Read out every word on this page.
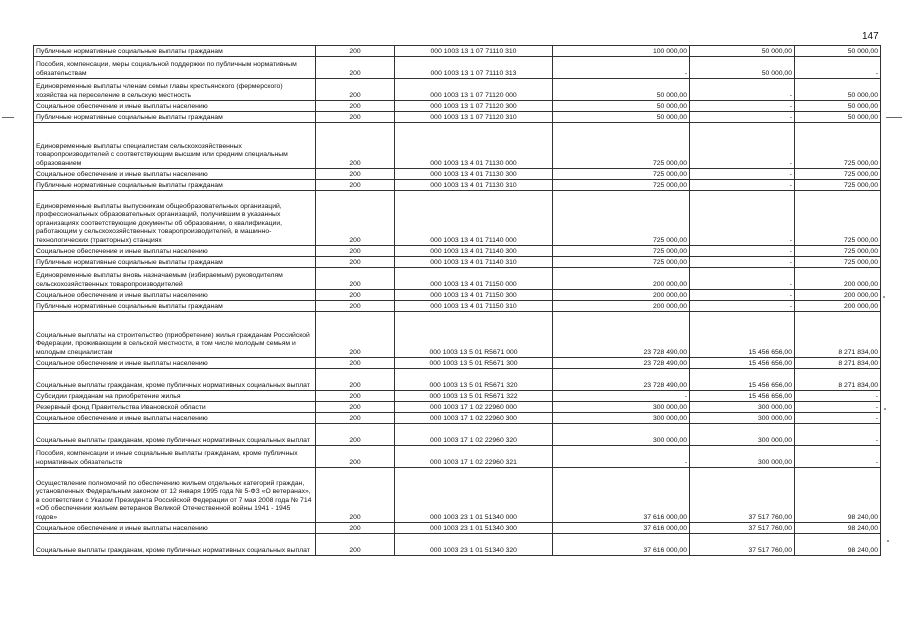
147
Публичные нормативные социальные выплаты гражданам	200	000 1003 13 1 07 71110 310	100 000,00	50 000,00	50 000,00
Пособия, компенсации, меры социальной поддержки по публичным нормативным обязательствам	200	000 1003 13 1 07 71110 313	-	50 000,00	-
Единовременные выплаты членам семьи главы крестьянского (фермерского) хозяйства на переселение в сельскую местность	200	000 1003 13 1 07 71120 000	50 000,00	-	50 000,00
Социальное обеспечение и иные выплаты населению	200	000 1003 13 1 07 71120 300	50 000,00	-	50 000,00
Публичные нормативные социальные выплаты гражданам	200	000 1003 13 1 07 71120 310	50 000,00	-	50 000,00
Единовременные выплаты специалистам сельскохозяйственных товаропроизводителей с соответствующим высшим или средним специальным образованием	200	000 1003 13 4 01 71130 000	725 000,00	-	725 000,00
Социальное обеспечение и иные выплаты населению	200	000 1003 13 4 01 71130 300	725 000,00	-	725 000,00
Публичные нормативные социальные выплаты гражданам	200	000 1003 13 4 01 71130 310	725 000,00	-	725 000,00
Единовременные выплаты выпускникам общеобразовательных организаций, профессиональных образовательных организаций, получившим в указанных организациях соответствующие документы об образовании, о квалификации, работающим у сельскохозяйственных товаропроизводителей, в машинно-технологических (тракторных) станциях	200	000 1003 13 4 01 71140 000	725 000,00	-	725 000,00
Социальное обеспечение и иные выплаты населению	200	000 1003 13 4 01 71140 300	725 000,00	-	725 000,00
Публичные нормативные социальные выплаты гражданам	200	000 1003 13 4 01 71140 310	725 000,00	-	725 000,00
Единовременные выплаты вновь назначаемым (избираемым) руководителям сельскохозяйственных товаропроизводителей	200	000 1003 13 4 01 71150 000	200 000,00	-	200 000,00
Социальное обеспечение и иные выплаты населению	200	000 1003 13 4 01 71150 300	200 000,00	-	200 000,00
Публичные нормативные социальные выплаты гражданам	200	000 1003 13 4 01 71150 310	200 000,00	-	200 000,00
Социальные выплаты на строительство (приобретение) жилья гражданам Российской Федерации, проживающим в сельской местности, в том числе молодым семьям и молодым специалистам	200	000 1003 13 5 01 R5671 000	23 728 490,00	15 456 656,00	8 271 834,00
Социальное обеспечение и иные выплаты населению	200	000 1003 13 5 01 R5671 300	23 728 490,00	15 456 656,00	8 271 834,00
Социальные выплаты гражданам, кроме публичных нормативных социальных выплат	200	000 1003 13 5 01 R5671 320	23 728 490,00	15 456 656,00	8 271 834,00
Субсидии гражданам на приобретение жилья	200	000 1003 13 5 01 R5671 322	-	15 456 656,00	-
Резервный фонд Правительства Ивановской области	200	000 1003 17 1 02 22960 000	300 000,00	300 000,00	-
Социальное обеспечение и иные выплаты населению	200	000 1003 17 1 02 22960 300	300 000,00	300 000,00	-
Социальные выплаты гражданам, кроме публичных нормативных социальных выплат	200	000 1003 17 1 02 22960 320	300 000,00	300 000,00	-
Пособия, компенсации и иные социальные выплаты гражданам, кроме публичных нормативных обязательств	200	000 1003 17 1 02 22960 321	-	300 000,00	-
Осуществление полномочий по обеспечению жильем отдельных категорий граждан, установленных Федеральным законом от 12 января 1995 года № 5-ФЗ «О ветеранах», в соответствии с Указом Президента Российской Федерации от 7 мая 2008 года № 714 «Об обеспечении жильем ветеранов Великой Отечественной войны 1941 - 1945 годов»	200	000 1003 23 1 01 51340 000	37 616 000,00	37 517 760,00	98 240,00
Социальное обеспечение и иные выплаты населению	200	000 1003 23 1 01 51340 300	37 616 000,00	37 517 760,00	98 240,00
Социальные выплаты гражданам, кроме публичных нормативных социальных выплат	200	000 1003 23 1 01 51340 320	37 616 000,00	37 517 760,00	98 240,00
